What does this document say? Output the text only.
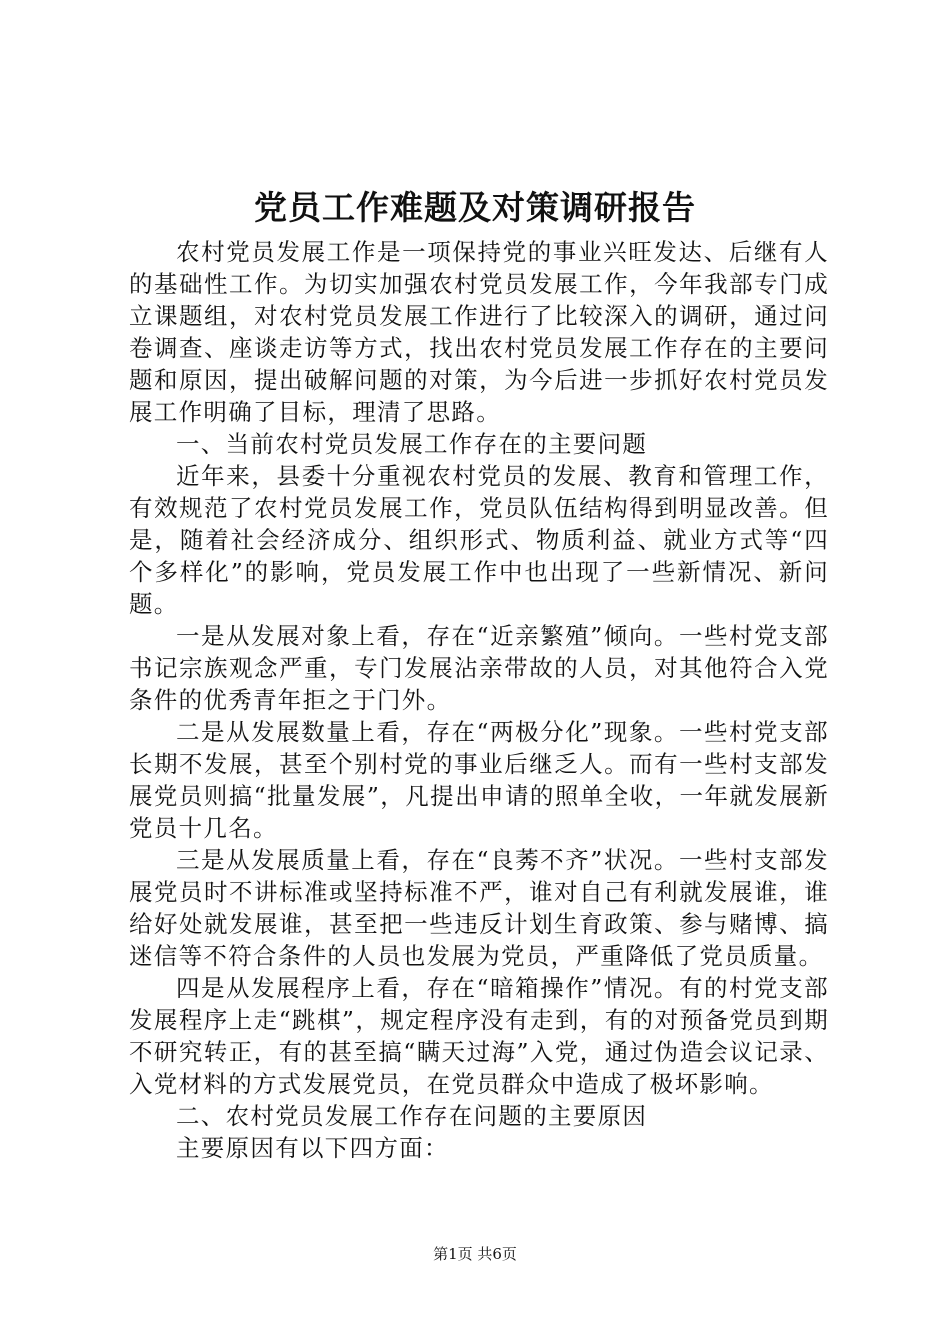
党员工作难题及对策调研报告

农村党员发展工作是一项保持党的事业兴旺发达、后继有人的基础性工作。为切实加强农村党员发展工作，今年我部专门成立课题组，对农村党员发展工作进行了比较深入的调研，通过问卷调查、座谈走访等方式，找出农村党员发展工作存在的主要问题和原因，提出破解问题的对策，为今后进一步抓好农村党员发展工作明确了目标，理清了思路。

一、当前农村党员发展工作存在的主要问题

近年来，县委十分重视农村党员的发展、教育和管理工作，有效规范了农村党员发展工作，党员队伍结构得到明显改善。但是，随着社会经济成分、组织形式、物质利益、就业方式等“四个多样化”的影响，党员发展工作中也出现了一些新情况、新问题。

一是从发展对象上看，存在“近亲繁殖”倾向。一些村党支部书记宗族观念严重，专门发展沾亲带故的人员，对其他符合入党条件的优秀青年拒之于门外。

二是从发展数量上看，存在“两极分化”现象。一些村党支部长期不发展，甚至个别村党的事业后继乏人。而有一些村支部发展党员则搞“批量发展”，凡提出申请的照单全收，一年就发展新党员十几名。

三是从发展质量上看，存在“良莠不齐”状况。一些村支部发展党员时不讲标准或坚持标准不严，谁对自己有利就发展谁，谁给好处就发展谁，甚至把一些违反计划生育政策、参与赌博、搞迷信等不符合条件的人员也发展为党员，严重降低了党员质量。

四是从发展程序上看，存在“暗箱操作”情况。有的村党支部发展程序上走“跳棋”，规定程序没有走到，有的对预备党员到期不研究转正，有的甚至搞“瞒天过海”入党，通过伪造会议记录、入党材料的方式发展党员，在党员群众中造成了极坏影响。

二、农村党员发展工作存在问题的主要原因

主要原因有以下四方面：

第1页 共6页
